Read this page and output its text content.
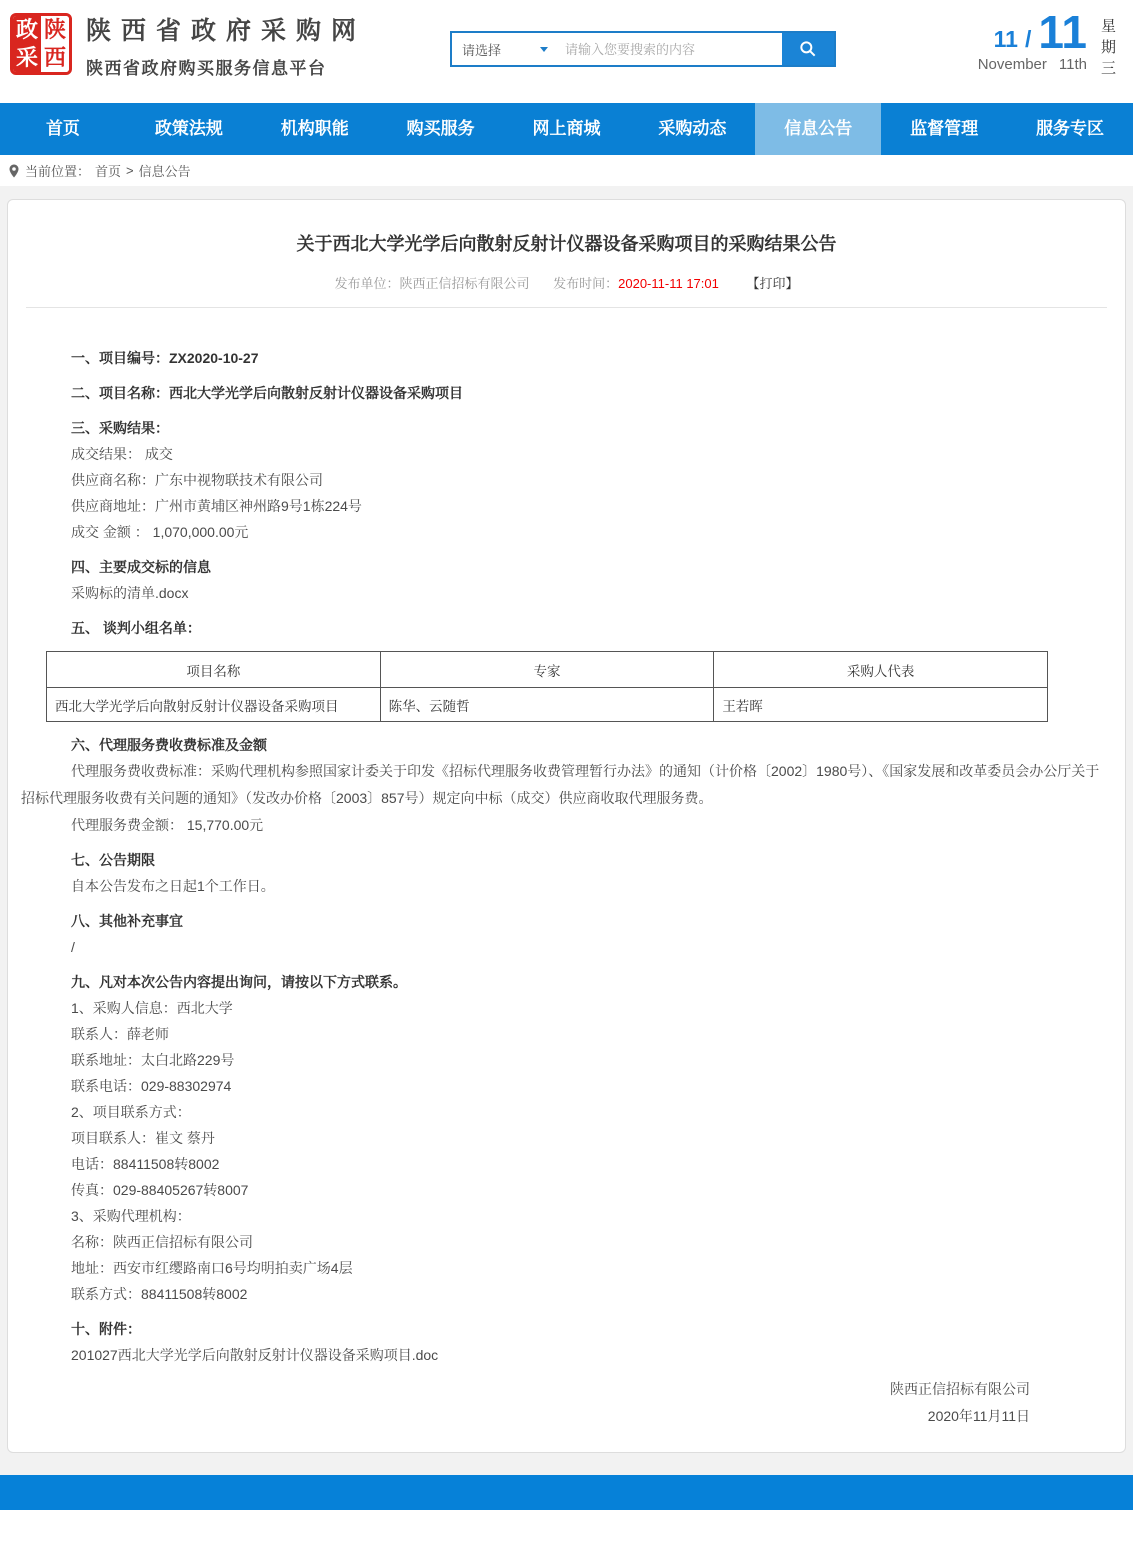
政
采
陕
西
陕西省政府采购网
陕西省政府购买服务信息平台
请选择
请输入您要搜索的内容	11 / 11
November 11th
星期三
首页	政策法规	机构职能	购买服务	网上商城	采购动态	信息公告	监督管理	服务专区
当前位置： 首页 > 信息公告
关于西北大学光学后向散射反射计仪器设备采购项目的采购结果公告
发布单位：陕西正信招标有限公司 发布时间：2020-11-11 17:01 【打印】

一、项目编号：ZX2020-10-27

二、项目名称：西北大学光学后向散射反射计仪器设备采购项目

三、采购结果：

成交结果： 成交

供应商名称：广东中视物联技术有限公司

供应商地址：广州市黄埔区神州路9号1栋224号

成交 金额 ： 1,070,000.00元

四、主要成交标的信息

采购标的清单.docx

五、 谈判小组名单：

项目名称	专家	采购人代表
西北大学光学后向散射反射计仪器设备采购项目	陈华、云随哲	王若晖

六、代理服务费收费标准及金额

代理服务费收费标准：采购代理机构参照国家计委关于印发《招标代理服务收费管理暂行办法》的通知（计价格〔2002〕1980号）、《国家发展和改革委员会办公厅关于招标代理服务收费有关问题的通知》（发改办价格〔2003〕857号）规定向中标（成交）供应商收取代理服务费。

代理服务费金额： 15,770.00元

七、公告期限

自本公告发布之日起1个工作日。

八、其他补充事宜

/

九、凡对本次公告内容提出询问，请按以下方式联系。

1、采购人信息：西北大学

联系人：薛老师

联系地址：太白北路229号

联系电话：029-88302974

2、项目联系方式：

项目联系人：崔文 蔡丹

电话：88411508转8002

传真：029-88405267转8007

3、采购代理机构：

名称：陕西正信招标有限公司

地址：西安市红缨路南口6号均明拍卖广场4层

联系方式：88411508转8002

十、附件：

201027西北大学光学后向散射反射计仪器设备采购项目.doc

陕西正信招标有限公司
2020年11月11日
